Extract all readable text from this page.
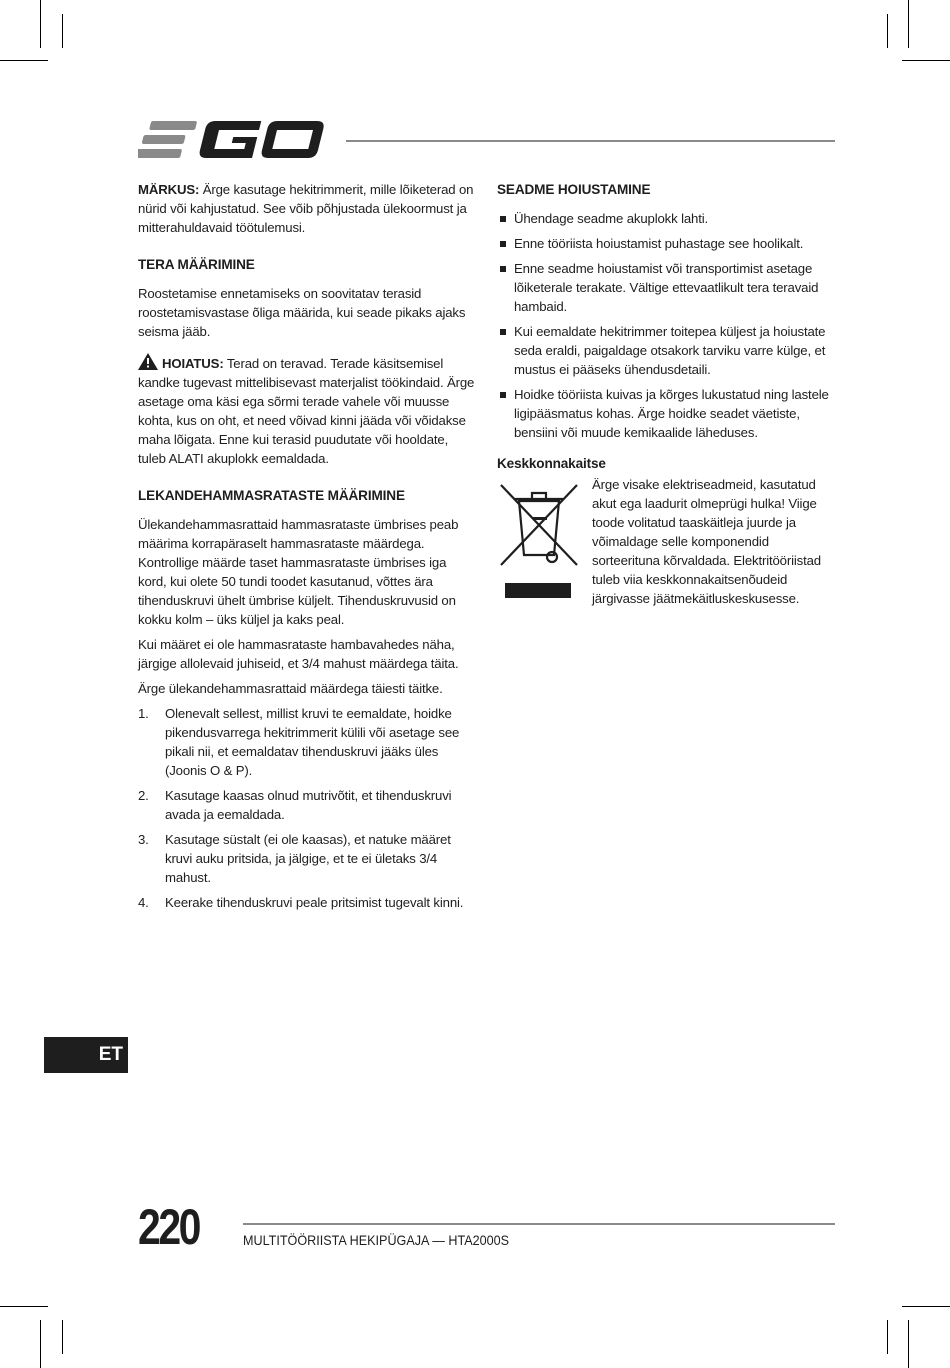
MÄRKUS: Ärge kasutage hekitrimmerit, mille lõiketerad on nürid või kahjustatud. See võib põhjustada ülekoormust ja mitterahuldavaid töötulemusi.

TERA MÄÄRIMINE

Roostetamise ennetamiseks on soovitatav terasid roostetamisvastase õliga määrida, kui seade pikaks ajaks seisma jääb.

HOIATUS: Terad on teravad. Terade käsitsemisel kandke tugevast mittelibisevast materjalist töökindaid. Ärge asetage oma käsi ega sõrmi terade vahele või muusse kohta, kus on oht, et need võivad kinni jääda või võidakse maha lõigata. Enne kui terasid puudutate või hooldate, tuleb ALATI akuplokk eemaldada.

LEKANDEHAMMASRATASTE MÄÄRIMINE

Ülekandehammasrattaid hammasrataste ümbrises peab määrima korrapäraselt hammasrataste määrdega. Kontrollige määrde taset hammasrataste ümbrises iga kord, kui olete 50 tundi toodet kasutanud, võttes ära tihenduskruvi ühelt ümbrise küljelt. Tihenduskruvusid on kokku kolm – üks küljel ja kaks peal.

Kui määret ei ole hammasrataste hambavahedes näha, järgige allolevaid juhiseid, et 3/4 mahust määrdega täita.

Ärge ülekandehammasrattaid määrdega täiesti täitke.

1. Olenevalt sellest, millist kruvi te eemaldate, hoidke pikendusvarrega hekitrimmerit külili või asetage see pikali nii, et eemaldatav tihenduskruvi jääks üles (Joonis O & P).
2. Kasutage kaasas olnud mutrivõtit, et tihenduskruvi avada ja eemaldada.
3. Kasutage süstalt (ei ole kaasas), et natuke määret kruvi auku pritsida, ja jälgige, et te ei ületaks 3/4 mahust.
4. Keerake tihenduskruvi peale pritsimist tugevalt kinni.

SEADME HOIUSTAMINE

Ühendage seadme akuplokk lahti.
Enne tööriista hoiustamist puhastage see hoolikalt.
Enne seadme hoiustamist või transportimist asetage lõiketerale terakate. Vältige ettevaatlikult tera teravaid hambaid.
Kui eemaldate hekitrimmer toitepea küljest ja hoiustate seda eraldi, paigaldage otsakork tarviku varre külge, et mustus ei pääseks ühendusdetaili.
Hoidke tööriista kuivas ja kõrges lukustatud ning lastele ligipääsmatus kohas. Ärge hoidke seadet väetiste, bensiini või muude kemikaalide läheduses.

Keskkonnakaitse

Ärge visake elektriseadmeid, kasutatud akut ega laadurit olmeprügi hulka! Viige toode volitatud taaskäitleja juurde ja võimaldage selle komponendid sorteerituna kõrvaldada. Elektritööriistad tuleb viia keskkonnakaitsenõudeid järgivasse jäätmekäitluskeskusesse.

ET
220	MULTITÖÖRIISTA HEKIPÜGAJA — HTA2000S
